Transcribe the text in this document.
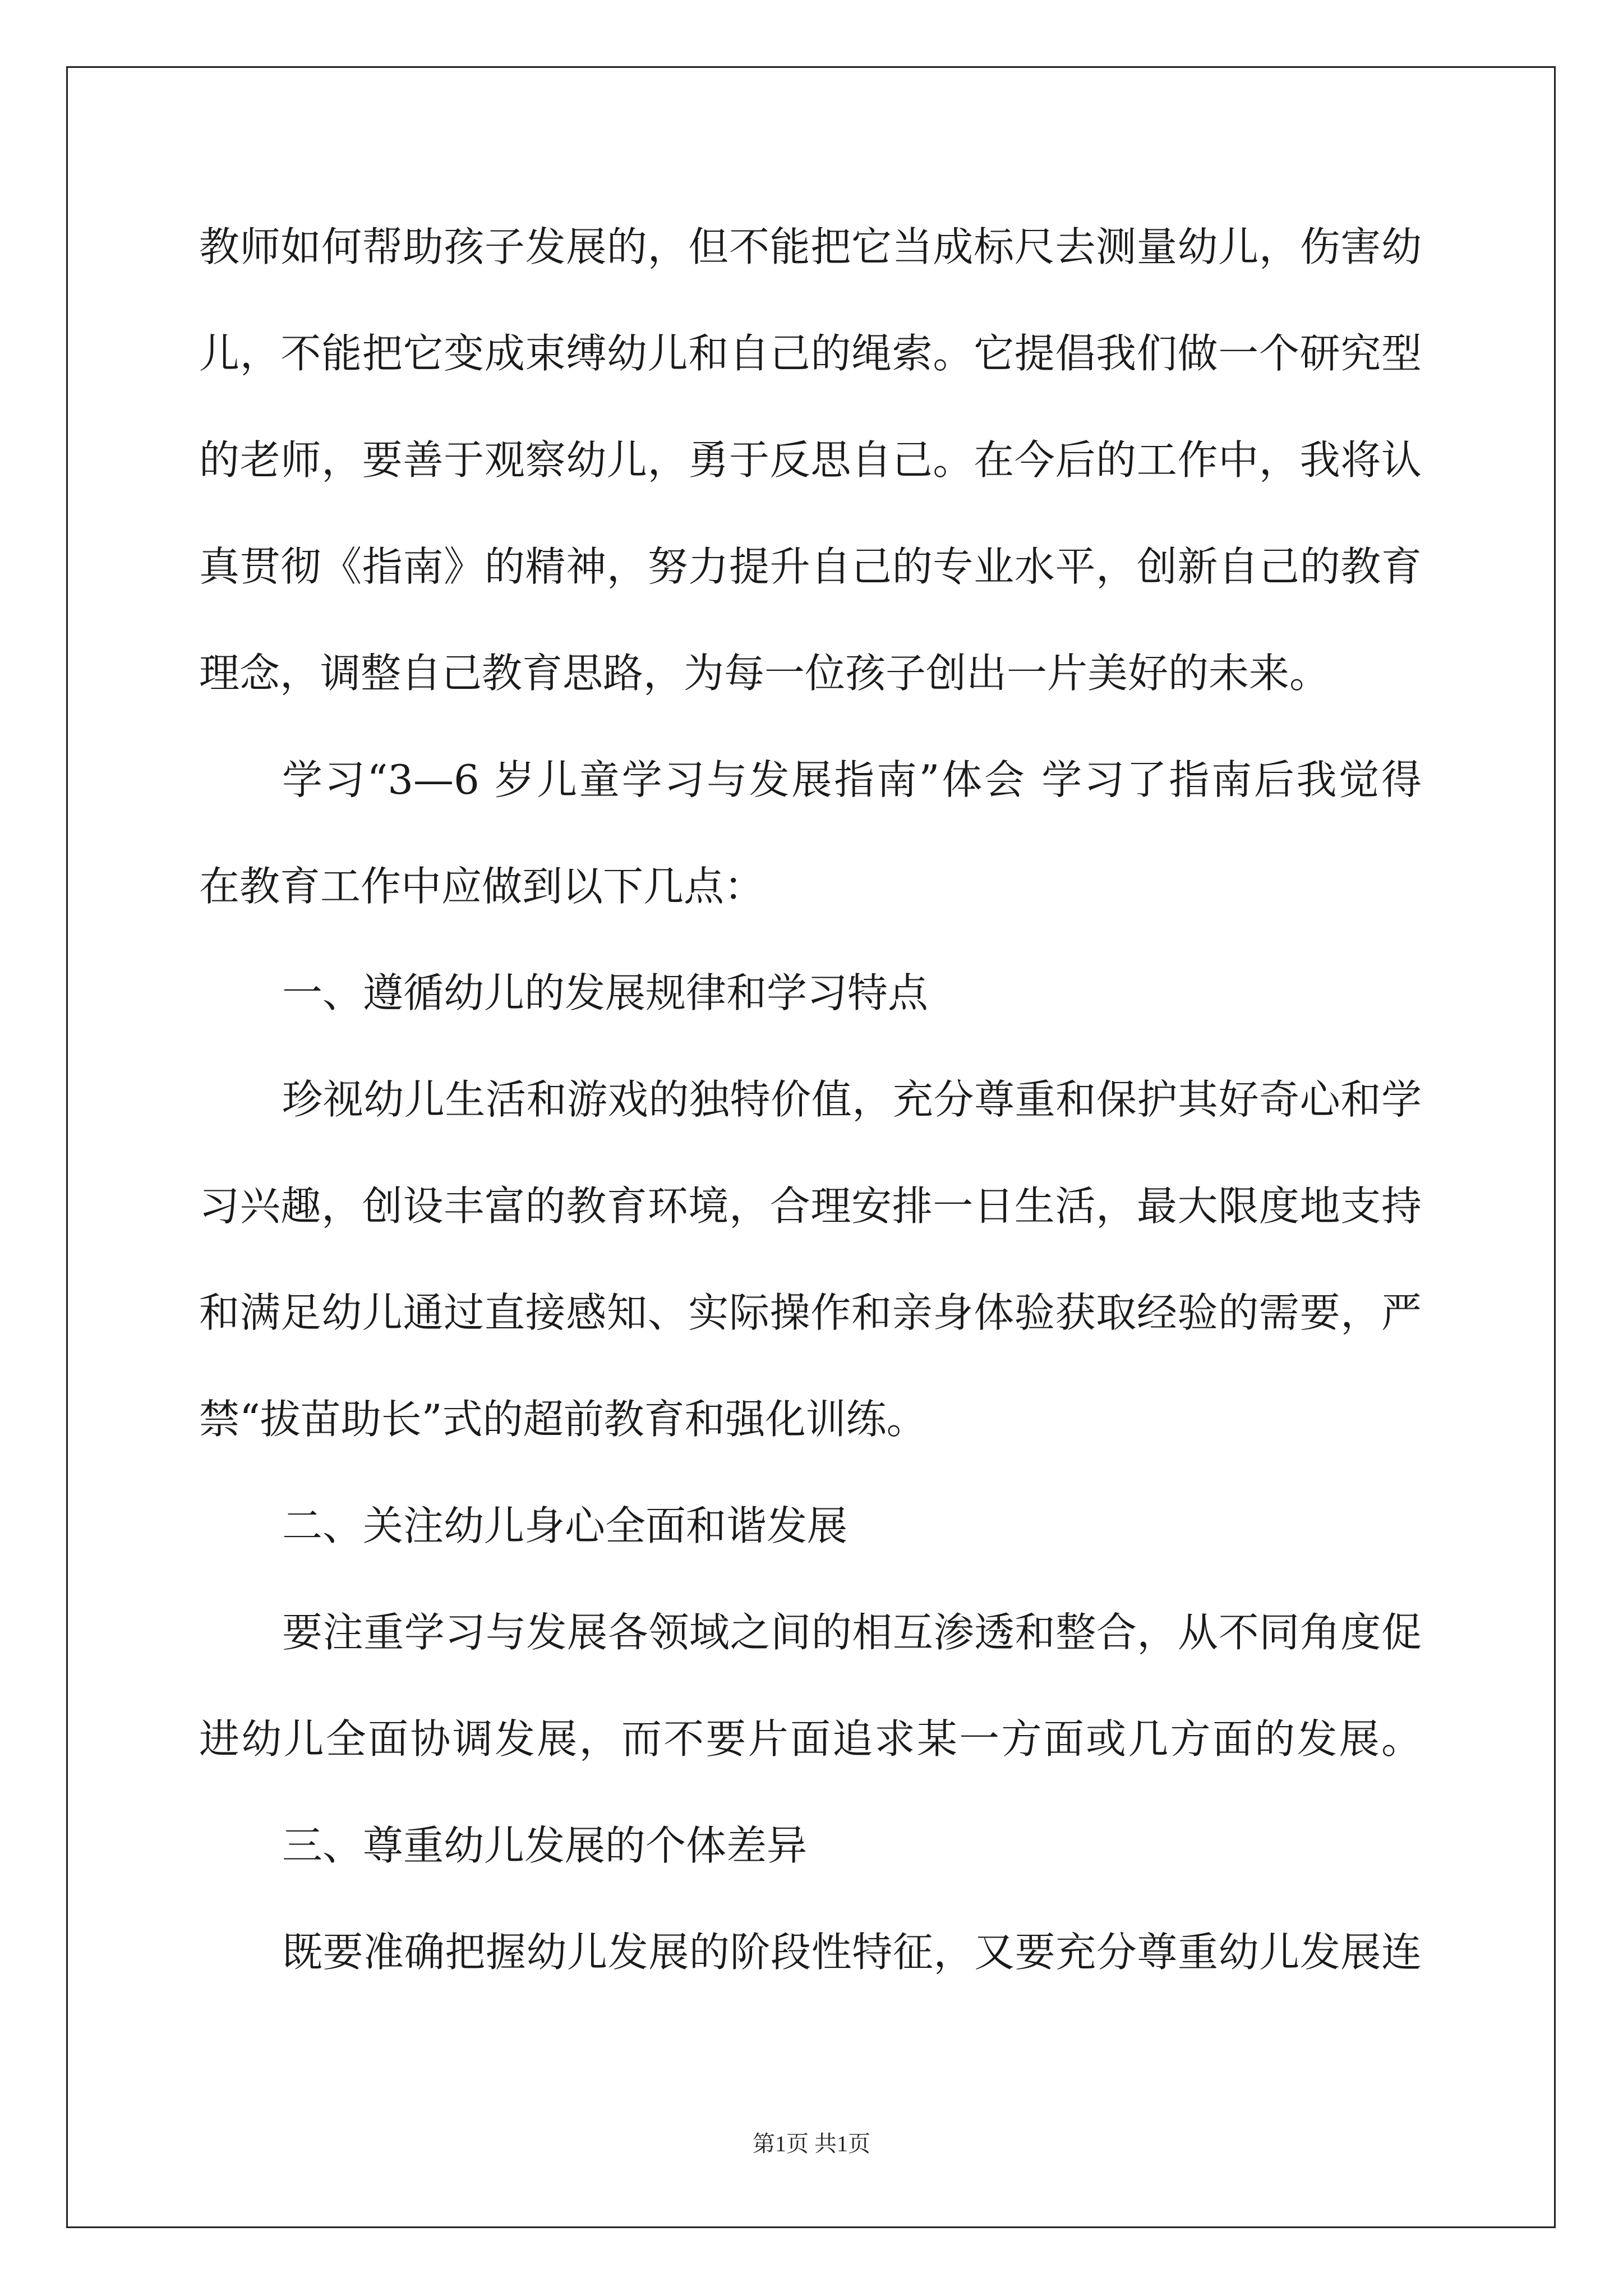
教师如何帮助孩子发展的，但不能把它当成标尺去测量幼儿，伤害幼
儿，不能把它变成束缚幼儿和自己的绳索。它提倡我们做一个研究型
的老师，要善于观察幼儿，勇于反思自己。在今后的工作中，我将认
真贯彻《指南》的精神，努力提升自己的专业水平，创新自己的教育
理念，调整自己教育思路，为每一位孩子创出一片美好的未来。
学习“3—6 岁儿童学习与发展指南”体会 学习了指南后我觉得
在教育工作中应做到以下几点：
一、遵循幼儿的发展规律和学习特点
珍视幼儿生活和游戏的独特价值，充分尊重和保护其好奇心和学
习兴趣，创设丰富的教育环境，合理安排一日生活，最大限度地支持
和满足幼儿通过直接感知、实际操作和亲身体验获取经验的需要，严
禁“拔苗助长”式的超前教育和强化训练。
二、关注幼儿身心全面和谐发展
要注重学习与发展各领域之间的相互渗透和整合，从不同角度促
进幼儿全面协调发展，而不要片面追求某一方面或几方面的发展。
三、尊重幼儿发展的个体差异
既要准确把握幼儿发展的阶段性特征，又要充分尊重幼儿发展连
第1页 共1页
